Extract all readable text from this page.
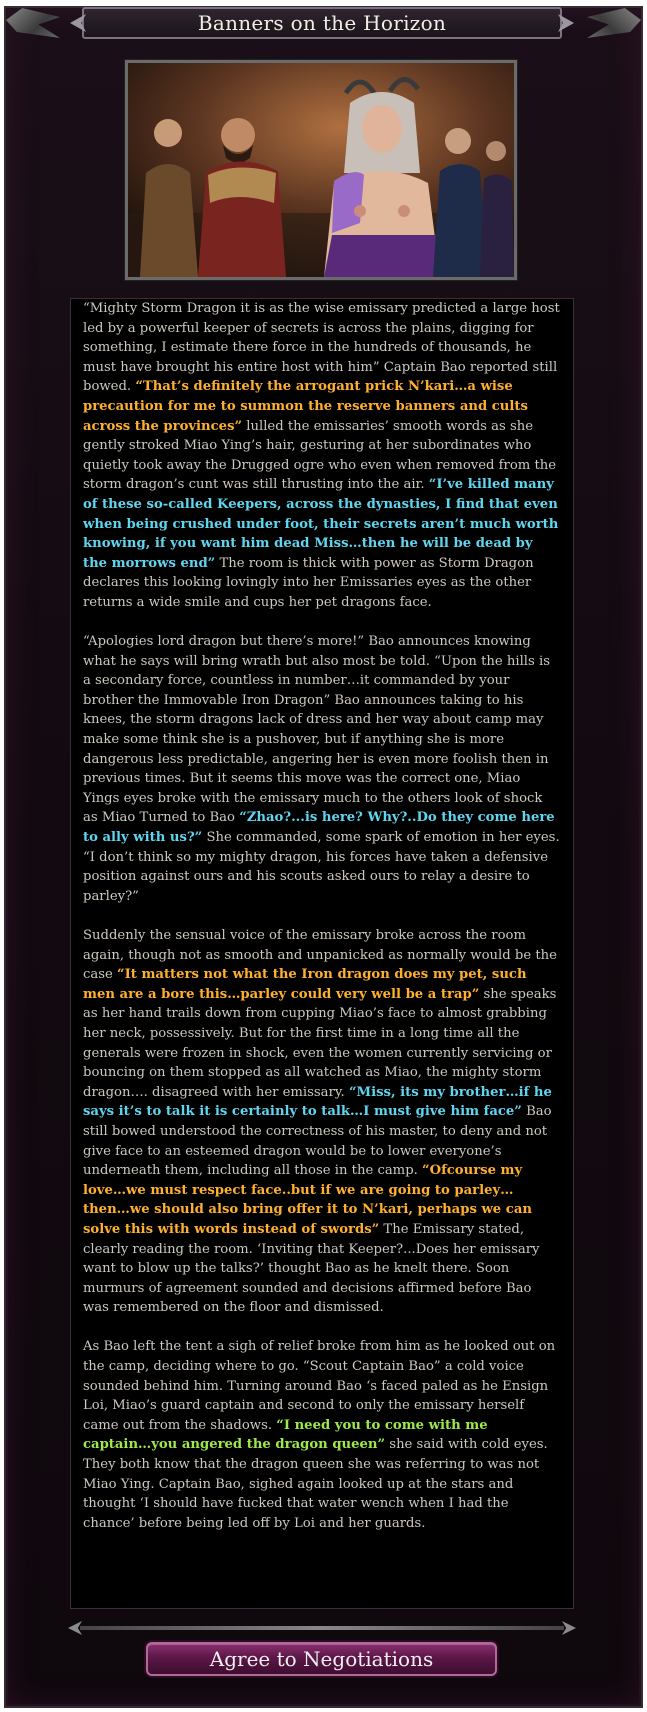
Banners on the Horizon

“Mighty Storm Dragon it is as the wise emissary predicted a large host led by a powerful keeper of secrets is across the plains, digging for something, I estimate there force in the hundreds of thousands, he must have brought his entire host with him” Captain Bao reported still bowed. “That’s definitely the arrogant prick N’kari…a wise precaution for me to summon the reserve banners and cults across the provinces” lulled the emissaries’ smooth words as she gently stroked Miao Ying’s hair, gesturing at her subordinates who quietly took away the Drugged ogre who even when removed from the storm dragon’s cunt was still thrusting into the air. “I’ve killed many of these so-called Keepers, across the dynasties, I find that even when being crushed under foot, their secrets aren’t much worth knowing, if you want him dead Miss…then he will be dead by the morrows end” The room is thick with power as Storm Dragon declares this looking lovingly into her Emissaries eyes as the other returns a wide smile and cups her pet dragons face.

“Apologies lord dragon but there’s more!” Bao announces knowing what he says will bring wrath but also most be told. “Upon the hills is a secondary force, countless in number…it commanded by your brother the Immovable Iron Dragon” Bao announces taking to his knees, the storm dragons lack of dress and her way about camp may make some think she is a pushover, but if anything she is more dangerous less predictable, angering her is even more foolish then in previous times. But it seems this move was the correct one, Miao Yings eyes broke with the emissary much to the others look of shock as Miao Turned to Bao “Zhao?...is here? Why?..Do they come here to ally with us?” She commanded, some spark of emotion in her eyes. “I don’t think so my mighty dragon, his forces have taken a defensive position against ours and his scouts asked ours to relay a desire to parley?”

Suddenly the sensual voice of the emissary broke across the room again, though not as smooth and unpanicked as normally would be the case “It matters not what the Iron dragon does my pet, such men are a bore this…parley could very well be a trap” she speaks as her hand trails down from cupping Miao’s face to almost grabbing her neck, possessively. But for the first time in a long time all the generals were frozen in shock, even the women currently servicing or bouncing on them stopped as all watched as Miao, the mighty storm dragon…. disagreed with her emissary. “Miss, its my brother…if he says it’s to talk it is certainly to talk…I must give him face” Bao still bowed understood the correctness of his master, to deny and not give face to an esteemed dragon would be to lower everyone’s underneath them, including all those in the camp. “Ofcourse my love…we must respect face..but if we are going to parley…then…we should also bring offer it to N’kari, perhaps we can solve this with words instead of swords” The Emissary stated, clearly reading the room. ‘Inviting that Keeper?...Does her emissary want to blow up the talks?’ thought Bao as he knelt there. Soon murmurs of agreement sounded and decisions affirmed before Bao was remembered on the floor and dismissed.

As Bao left the tent a sigh of relief broke from him as he looked out on the camp, deciding where to go. “Scout Captain Bao” a cold voice sounded behind him. Turning around Bao ‘s faced paled as he Ensign Loi, Miao’s guard captain and second to only the emissary herself came out from the shadows. “I need you to come with me captain…you angered the dragon queen” she said with cold eyes. They both know that the dragon queen she was referring to was not Miao Ying. Captain Bao, sighed again looked up at the stars and thought ‘I should have fucked that water wench when I had the chance’ before being led off by Loi and her guards.

Agree to Negotiations
